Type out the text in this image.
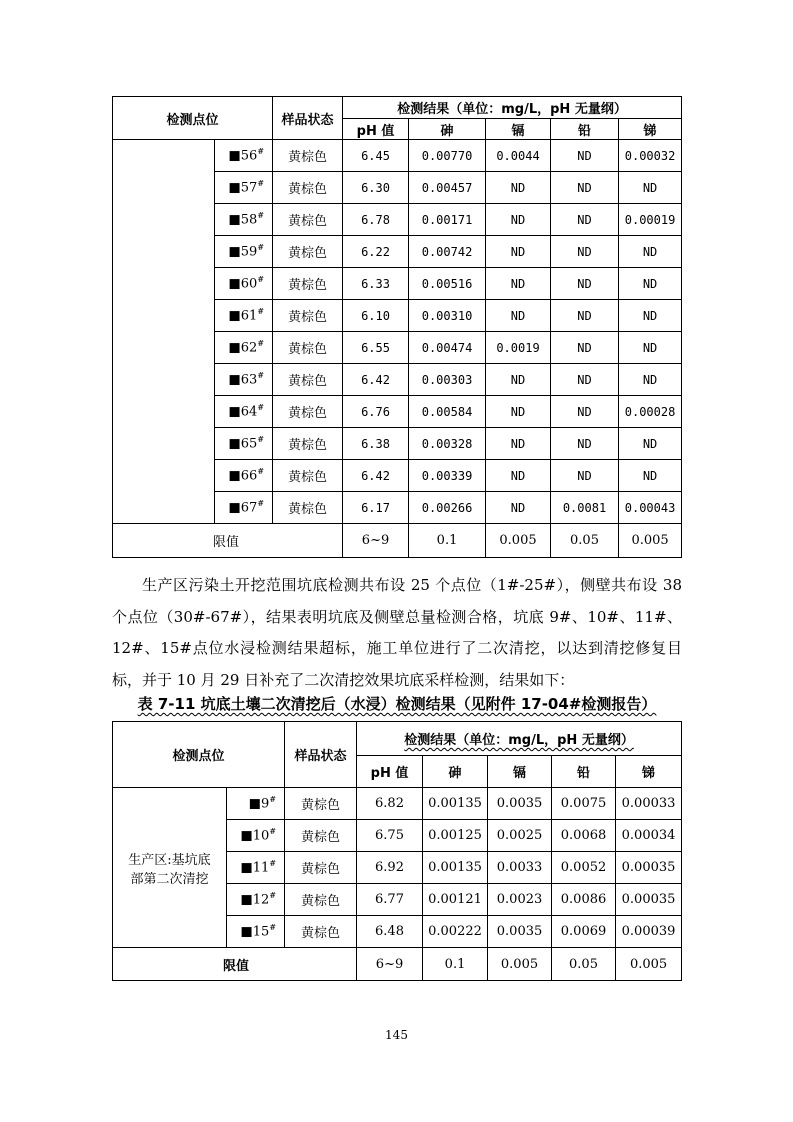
检测点位		样品状态	检测结果（单位：mg/L，pH 无量纲）				
			pH 值	砷	镉	铅	锑
	■56#	黄棕色	6.45	0.00770	0.0044	ND	0.00032
	■57#	黄棕色	6.30	0.00457	ND	ND	ND
	■58#	黄棕色	6.78	0.00171	ND	ND	0.00019
	■59#	黄棕色	6.22	0.00742	ND	ND	ND
	■60#	黄棕色	6.33	0.00516	ND	ND	ND
	■61#	黄棕色	6.10	0.00310	ND	ND	ND
	■62#	黄棕色	6.55	0.00474	0.0019	ND	ND
	■63#	黄棕色	6.42	0.00303	ND	ND	ND
	■64#	黄棕色	6.76	0.00584	ND	ND	0.00028
	■65#	黄棕色	6.38	0.00328	ND	ND	ND
	■66#	黄棕色	6.42	0.00339	ND	ND	ND
	■67#	黄棕色	6.17	0.00266	ND	0.0081	0.00043
限值			6~9	0.1	0.005	0.05	0.005

生产区污染土开挖范围坑底检测共布设 25 个点位（1#-25#），侧壁共布设 38 个点位（30#-67#），结果表明坑底及侧壁总量检测合格，坑底 9#、10#、11#、12#、15#点位水浸检测结果超标，施工单位进行了二次清挖，以达到清挖修复目标，并于 10 月 29 日补充了二次清挖效果坑底采样检测，结果如下：

表 7-11 坑底土壤二次清挖后（水浸）检测结果（见附件 17-04#检测报告）
检测点位		样品状态	检测结果（单位：mg/L，pH 无量纲）				
			pH 值	砷	镉	铅	锑
生产区:基坑底部第二次清挖	■9#	黄棕色	6.82	0.00135	0.0035	0.0075	0.00033
	■10#	黄棕色	6.75	0.00125	0.0025	0.0068	0.00034
	■11#	黄棕色	6.92	0.00135	0.0033	0.0052	0.00035
	■12#	黄棕色	6.77	0.00121	0.0023	0.0086	0.00035
	■15#	黄棕色	6.48	0.00222	0.0035	0.0069	0.00039
限值			6~9	0.1	0.005	0.05	0.005
145
